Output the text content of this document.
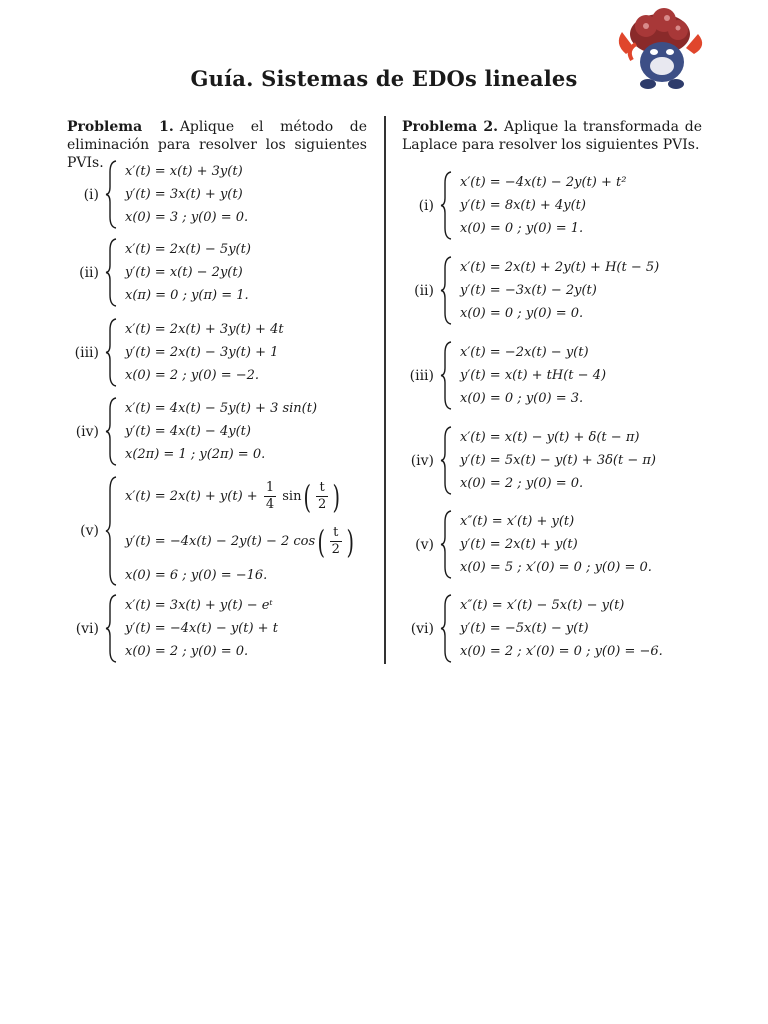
Guía. Sistemas de EDOs lineales

Problema 1. Aplique el método de eliminación para resolver los siguientes PVIs.

(i)
x′(t) = x(t) + 3y(t)
y′(t) = 3x(t) + y(t)
x(0) = 3 ; y(0) = 0.
(ii)
x′(t) = 2x(t) − 5y(t)
y′(t) = x(t) − 2y(t)
x(π) = 0 ; y(π) = 1.
(iii)
x′(t) = 2x(t) + 3y(t) + 4t
y′(t) = 2x(t) − 3y(t) + 1
x(0) = 2 ; y(0) = −2.
(iv)
x′(t) = 4x(t) − 5y(t) + 3 sin(t)
y′(t) = 4x(t) − 4y(t)
x(2π) = 1 ; y(2π) = 0.
(v)
$x'(t) = 2x(t) + y(t) + \frac{1}{4} \sin( \frac{t}{2}$ )
y′(t) = −4x(t) − 2y(t) − 2 $\cos( \frac{t}{2}$ )
x(0) = 6 ; y(0) = −16.
(vi)
x′(t) = 3x(t) + y(t) − eᵗ
y′(t) = −4x(t) − y(t) + t
x(0) = 2 ; y(0) = 0.

Problema 2. Aplique la transformada de Laplace para resolver los siguientes PVIs.

(i)
x′(t) = −4x(t) − 2y(t) + t²
y′(t) = 8x(t) + 4y(t)
x(0) = 0 ; y(0) = 1.
(ii)
x′(t) = 2x(t) + 2y(t) + H(t − 5)
y′(t) = −3x(t) − 2y(t)
x(0) = 0 ; y(0) = 0.
(iii)
x′(t) = −2x(t) − y(t)
y′(t) = x(t) + tH(t − 4)
x(0) = 0 ; y(0) = 3.
(iv)
x′(t) = x(t) − y(t) + δ(t − π)
y′(t) = 5x(t) − y(t) + 3δ(t − π)
x(0) = 2 ; y(0) = 0.
(v)
x″(t) = x′(t) + y(t)
y′(t) = 2x(t) + y(t)
x(0) = 5 ; x′(0) = 0 ; y(0) = 0.
(vi)
x″(t) = x′(t) − 5x(t) − y(t)
y′(t) = −5x(t) − y(t)
x(0) = 2 ; x′(0) = 0 ; y(0) = −6.
